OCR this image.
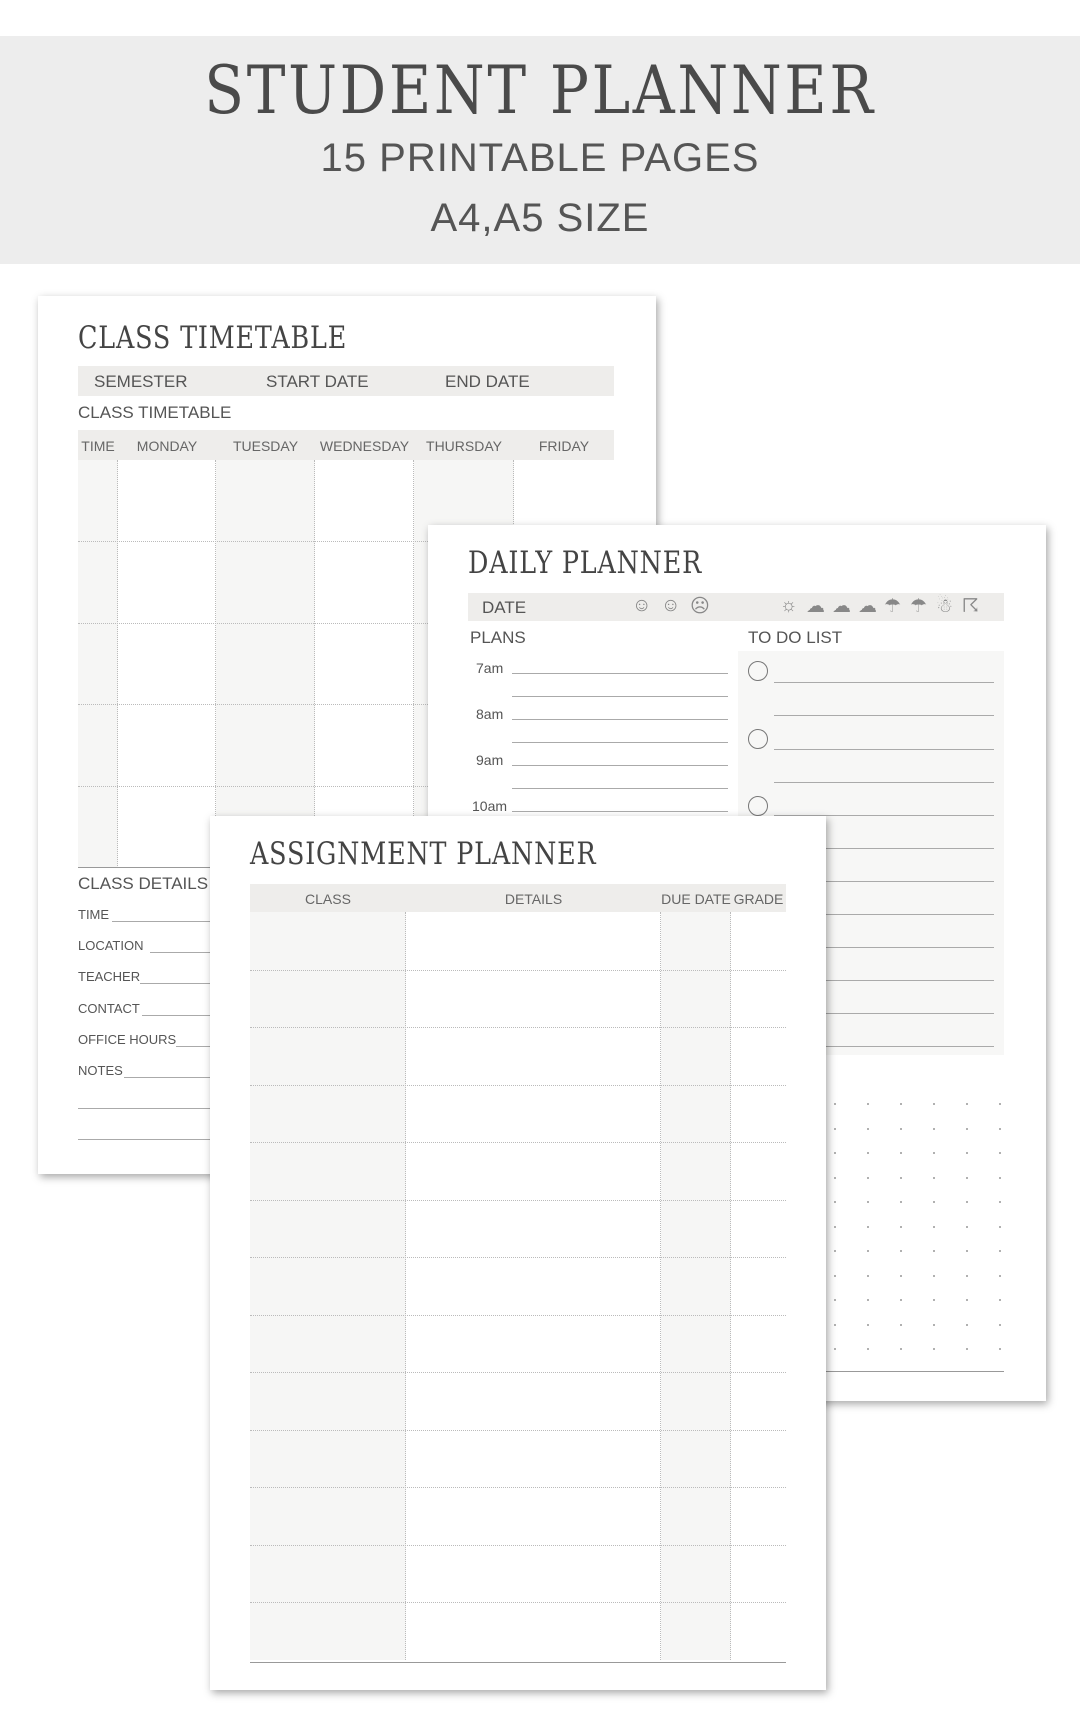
STUDENT PLANNER
15 PRINTABLE PAGES
A4,A5 SIZE
CLASS TIMETABLE
SEMESTER	START DATE	END DATE
CLASS TIMETABLE
TIME	MONDAY	TUESDAY	WEDNESDAY	THURSDAY	FRIDAY
CLASS DETAILS
TIME
LOCATION
TEACHER
CONTACT
OFFICE HOURS
NOTES
DAILY PLANNER
DATE	☺ ☺ ☹	☼ ☁ ☁ ☁ ☂ ☂ ☃ ☈
PLANS	TO DO LIST
7am
8am
9am
10am
ASSIGNMENT PLANNER
CLASS	DETAILS	DUE DATE GRADE
